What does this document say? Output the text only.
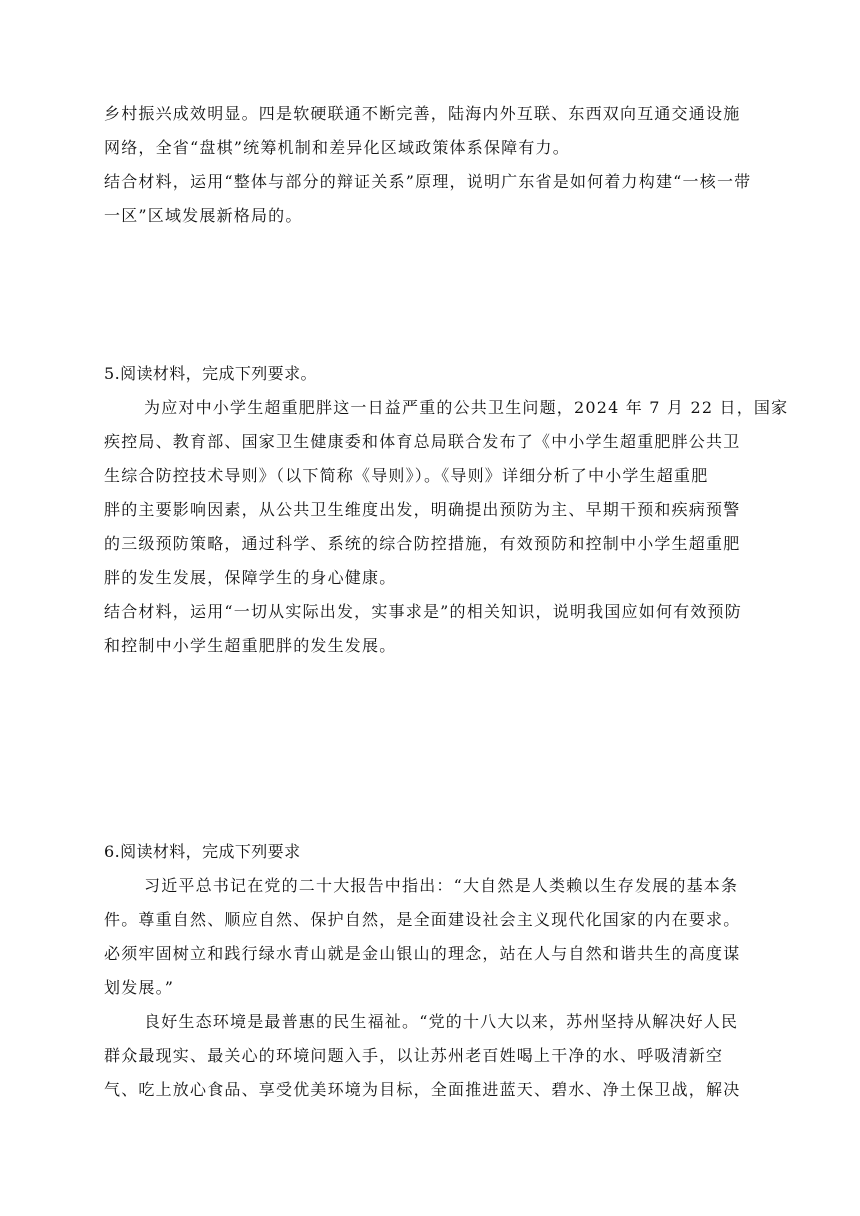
乡村振兴成效明显。四是软硬联通不断完善，陆海内外互联、东西双向互通交通设施
网络，全省“盘棋”统筹机制和差异化区域政策体系保障有力。
结合材料，运用“整体与部分的辩证关系”原理，说明广东省是如何着力构建“一核一带
一区”区域发展新格局的。
5.阅读材料，完成下列要求。
为应对中小学生超重肥胖这一日益严重的公共卫生问题，2024 年 7 月 22 日，国家
疾控局、教育部、国家卫生健康委和体育总局联合发布了《中小学生超重肥胖公共卫
生综合防控技术导则》（以下简称《导则》）。《导则》详细分析了中小学生超重肥
胖的主要影响因素，从公共卫生维度出发，明确提出预防为主、早期干预和疾病预警
的三级预防策略，通过科学、系统的综合防控措施，有效预防和控制中小学生超重肥
胖的发生发展，保障学生的身心健康。
结合材料，运用“一切从实际出发，实事求是”的相关知识，说明我国应如何有效预防
和控制中小学生超重肥胖的发生发展。
6.阅读材料，完成下列要求
习近平总书记在党的二十大报告中指出：“大自然是人类赖以生存发展的基本条
件。尊重自然、顺应自然、保护自然，是全面建设社会主义现代化国家的内在要求。
必须牢固树立和践行绿水青山就是金山银山的理念，站在人与自然和谐共生的高度谋
划发展。”
良好生态环境是最普惠的民生福祉。“党的十八大以来，苏州坚持从解决好人民
群众最现实、最关心的环境问题入手，以让苏州老百姓喝上干净的水、呼吸清新空
气、吃上放心食品、享受优美环境为目标，全面推进蓝天、碧水、净土保卫战，解决
